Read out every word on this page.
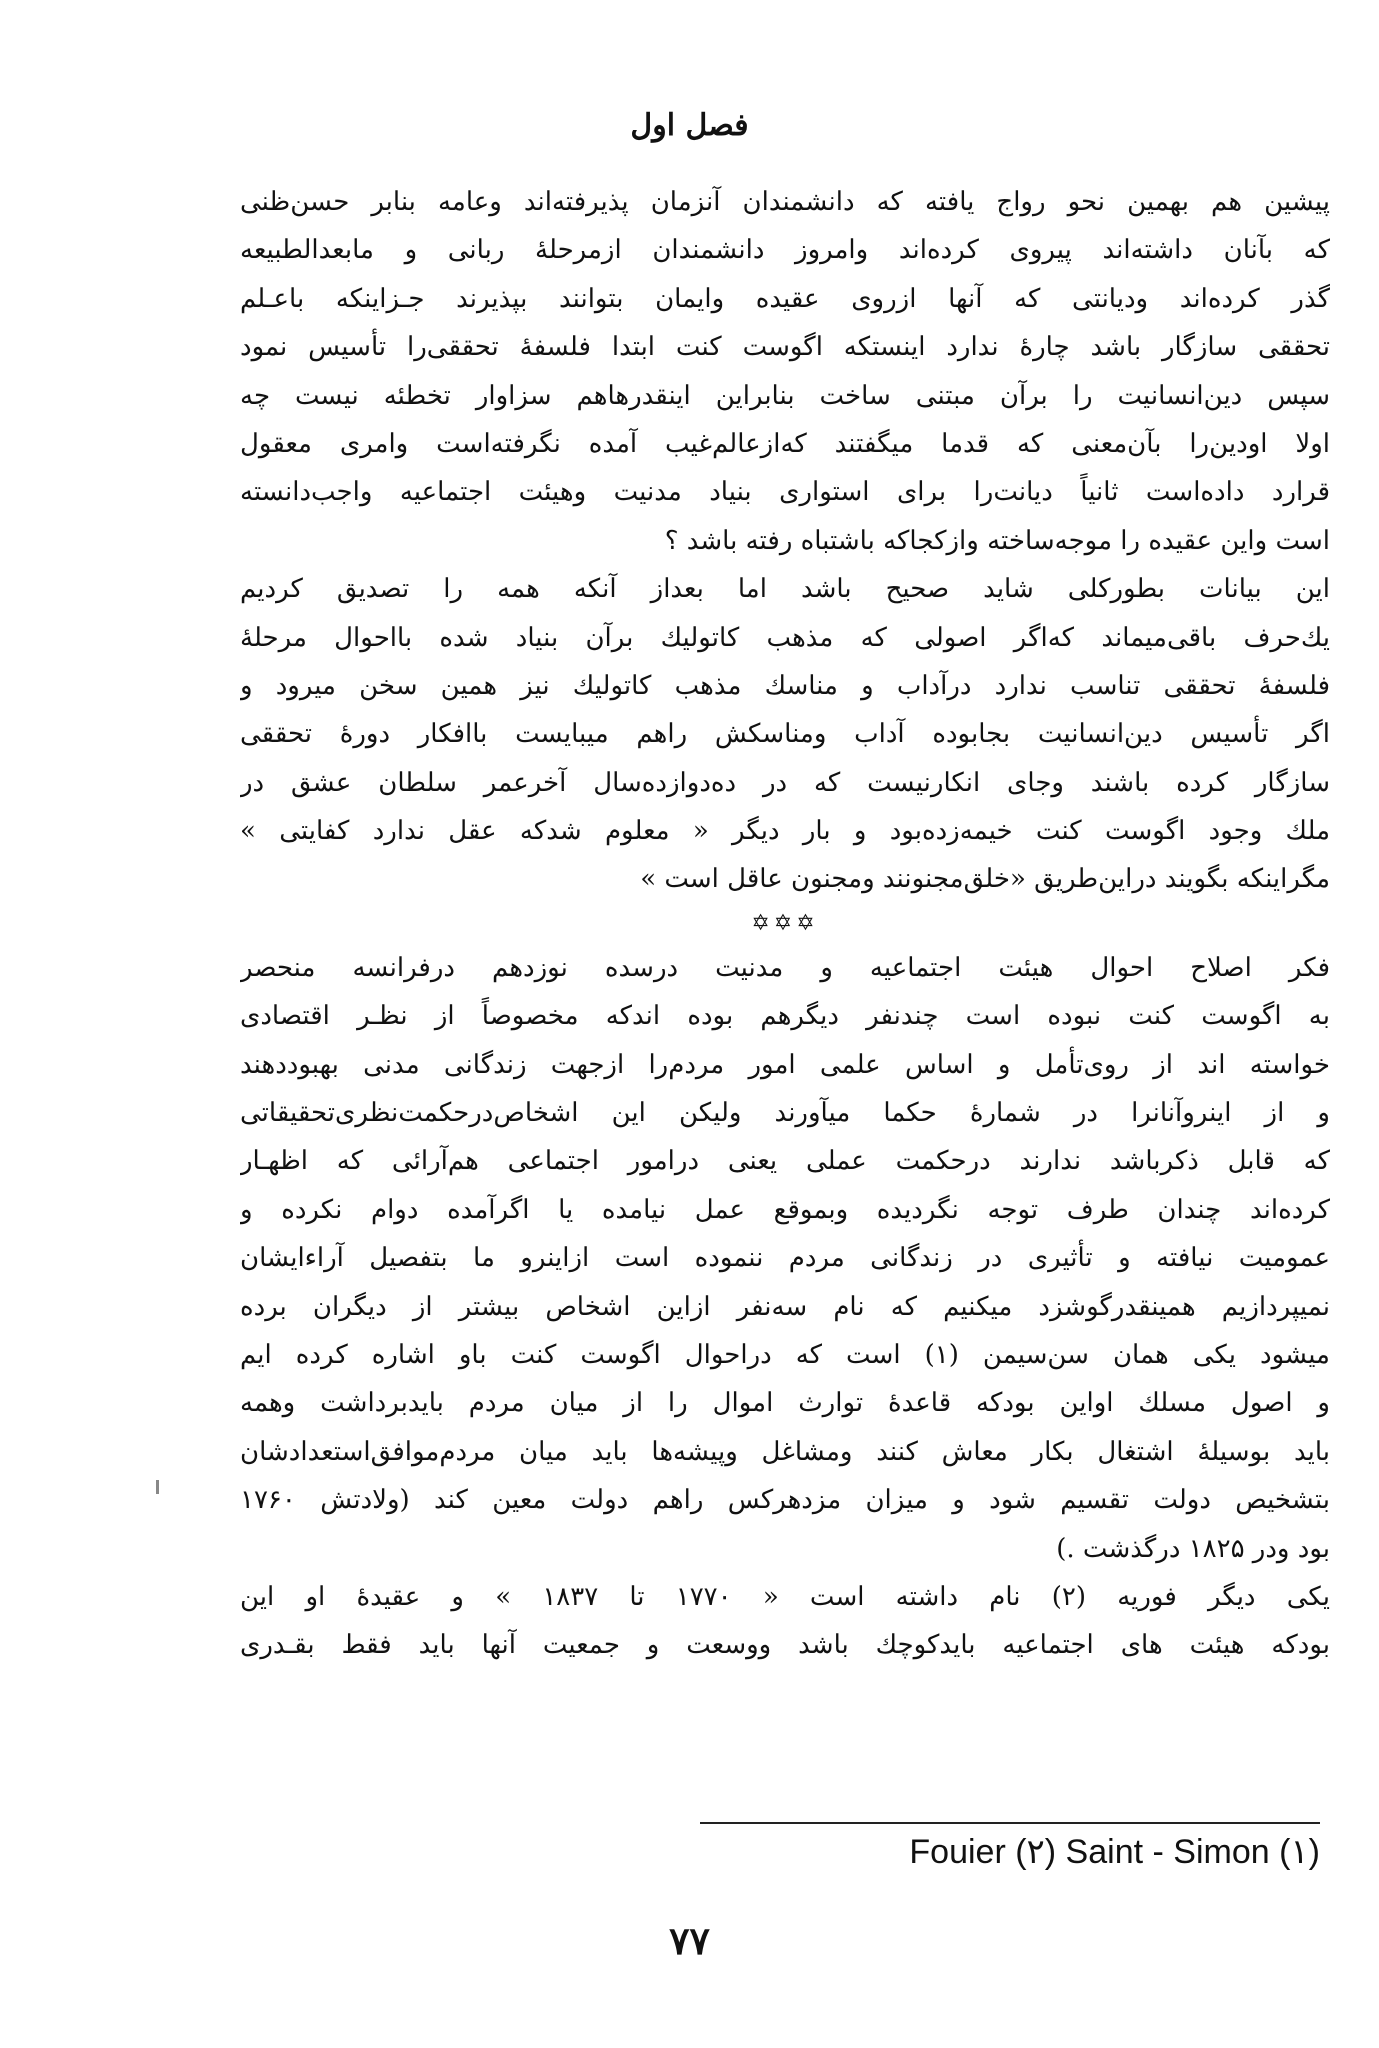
فصل اول
پیشین هم بهمین نحو رواج یافته که دانشمندان آنزمان پذیرفته‌اند وعامه بنابر حسن‌ظنی
که بآنان داشته‌اند پیروی کرده‌اند وامروز دانشمندان ازمرحلهٔ ربانی و مابعدالطبیعه
گذر کرده‌اند ودیانتی که آنها ازروی عقیده وایمان بتوانند بپذیرند جـزاینکه باعـلم
تحققی سازگار باشد چارهٔ ندارد اینستکه اگوست کنت ابتدا فلسفهٔ تحققی‌را تأسیس نمود
سپس دین‌انسانیت را برآن مبتنی ساخت بنابراین اینقدرهاهم سزاوار تخطئه نیست چه
اولا اودین‌را بآن‌معنی که قدما میگفتند که‌ازعالم‌غیب آمده نگرفته‌است وامری معقول
قرارد داده‌است ثانیاً دیانت‌را برای استواری بنیاد مدنیت وهیئت اجتماعیه واجب‌دانسته
است واین عقیده را موجه‌ساخته وازکجاکه باشتباه رفته باشد ؟
این بیانات بطورکلی شاید صحیح باشد اما بعداز آنکه همه را تصدیق کردیم
یك‌حرف باقی‌میماند که‌اگر اصولی که مذهب کاتولیك برآن بنیاد شده بااحوال مرحلهٔ
فلسفهٔ تحققی تناسب ندارد درآداب و مناسك مذهب کاتولیك نیز همین سخن میرود و
اگر تأسیس دین‌انسانیت بجابوده آداب ومناسکش راهم میبایست باافکار دورهٔ تحققی
سازگار کرده باشند وجای انکارنیست که در ده‌دوازده‌سال آخرعمر سلطان عشق در
ملك وجود اگوست کنت خیمه‌زده‌بود و بار دیگر « معلوم شدکه عقل ندارد کفایتی »
مگراینکه بگویند دراین‌طریق «خلق‌مجنونند ومجنون عاقل است »
✡✡✡
فکر اصلاح احوال هیئت اجتماعیه و مدنیت درسده نوزدهم درفرانسه منحصر
به اگوست کنت نبوده است چندنفر دیگرهم بوده اندکه مخصوصاً از نظـر اقتصادی
خواسته اند از روی‌تأمل و اساس علمی امور مردم‌را ازجهت زندگانی مدنی بهبوددهند
و از اینروآنانرا در شمارهٔ حکما میآورند ولیکن این اشخاص‌درحکمت‌نظری‌تحقیقاتی
که قابل ذکرباشد ندارند درحکمت عملی یعنی درامور اجتماعی هم‌آرائی که اظهـار
کرده‌اند چندان طرف توجه نگردیده وبموقع عمل نیامده یا اگرآمده دوام نکرده و
عمومیت نیافته و تأثیری در زندگانی مردم ننموده است ازاینرو ما بتفصیل آراءایشان
نمیپردازیم همینقدرگوشزد میکنیم که نام سه‌نفر ازاین اشخاص بیشتر از دیگران برده
میشود یکی همان سن‌سیمن (۱) است که دراحوال اگوست کنت باو اشاره کرده ایم
و اصول مسلك اواین بودکه قاعدهٔ توارث اموال را از میان مردم بایدبرداشت وهمه
باید بوسیلهٔ اشتغال بکار معاش کنند ومشاغل وپیشه‌ها باید میان مردم‌موافق‌استعدادشان
بتشخیص دولت تقسیم شود و میزان مزدهرکس راهم دولت معین کند (ولادتش ۱۷۶۰
بود ودر ۱۸۲۵ درگذشت .)
یکی دیگر فوریه (۲) نام داشته است « ۱۷۷۰ تا ۱۸۳۷ » و عقیدهٔ او این
بودکه هیئت های اجتماعیه بایدکوچك باشد ووسعت و جمعیت آنها باید فقط بقـدری
Fouier (۲) Saint - Simon (۱)
۷۷
